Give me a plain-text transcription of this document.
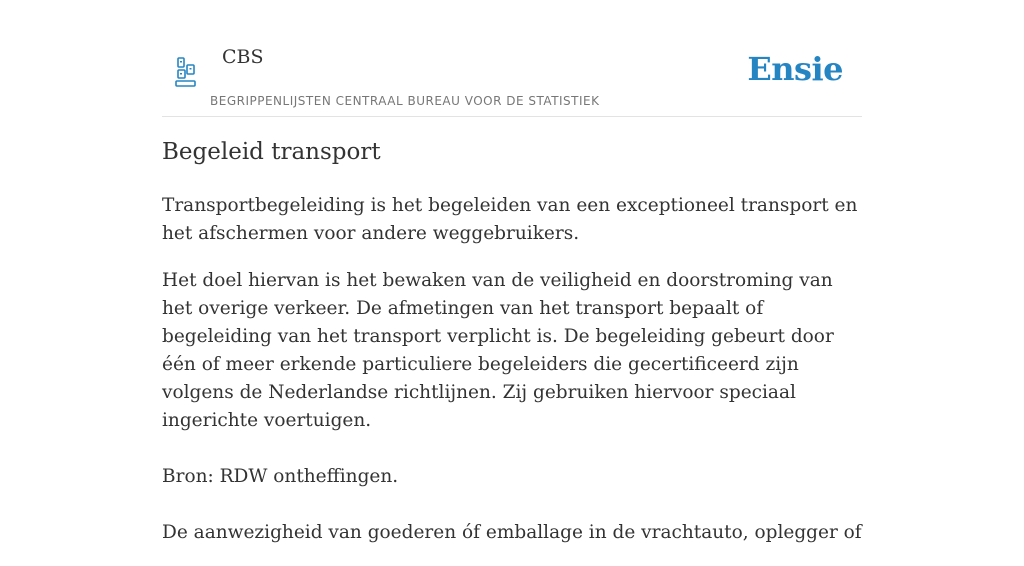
CBS
BEGRIPPENLIJSTEN CENTRAAL BUREAU VOOR DE STATISTIEK
Ensie
Begeleid transport

Transportbegeleiding is het begeleiden van een exceptioneel transport en het afschermen voor andere weggebruikers.

Het doel hiervan is het bewaken van de veiligheid en doorstroming van het overige verkeer. De afmetingen van het transport bepaalt of begeleiding van het transport verplicht is. De begeleiding gebeurt door één of meer erkende particuliere begeleiders die gecertificeerd zijn volgens de Nederlandse richtlijnen. Zij gebruiken hiervoor speciaal ingerichte voertuigen.

Bron: RDW ontheffingen.

De aanwezigheid van goederen óf emballage in de vrachtauto, oplegger of
